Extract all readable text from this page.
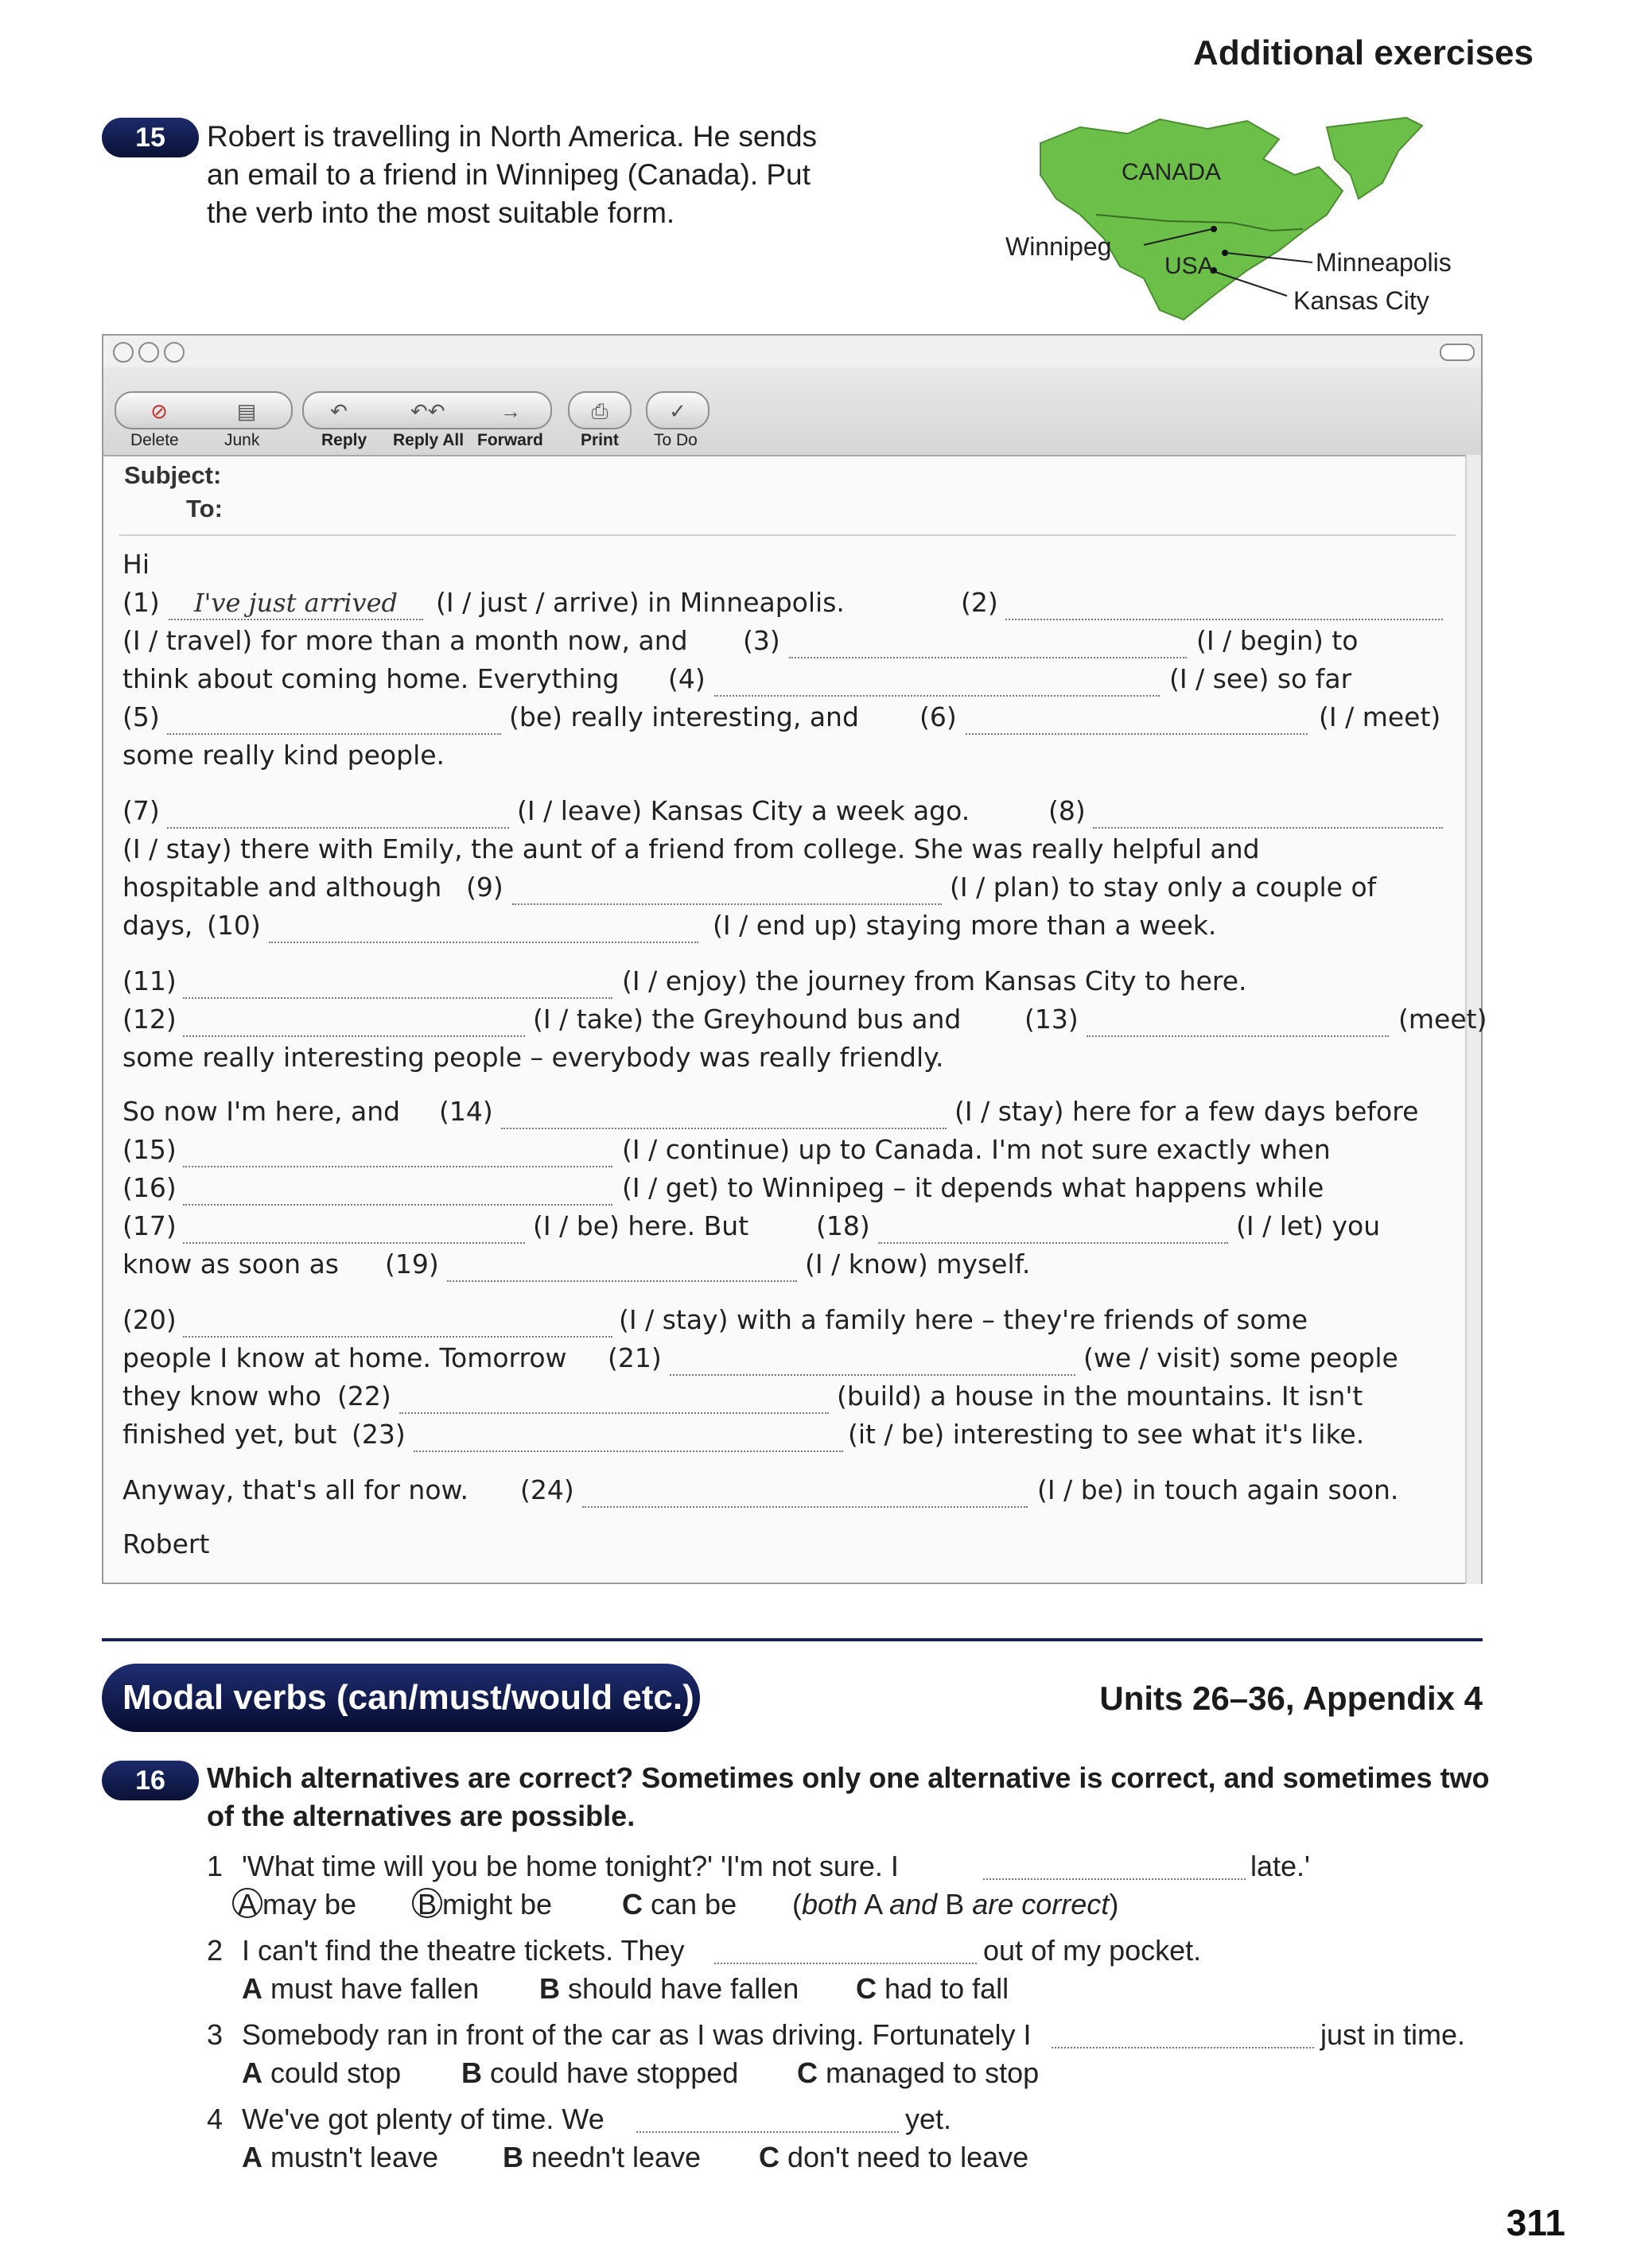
Additional exercises
15	Robert is travelling in North America. He sends
an email to a friend in Winnipeg (Canada). Put
the verb into the most suitable form.
CANADA
USA
Winnipeg
Minneapolis
Kansas City
⊘	▤	↶	↶↶	→	⎙	✓
Delete	Junk	Reply Reply All Forward Print To Do
Subject:
To:
Hi
(1)	I've just arrived	(I / just / arrive) in Minneapolis.	(2)
(I / travel) for more than a month now, and (3)	(I / begin) to
think about coming home. Everything (4)	(I / see) so far
(5)	(be) really interesting, and (6)	(I / meet)
some really kind people.
(7)	(I / leave) Kansas City a week ago.	(8)
(I / stay) there with Emily, the aunt of a friend from college. She was really helpful and
hospitable and although (9)	(I / plan) to stay only a couple of
days, (10)	(I / end up) staying more than a week.
(11)	(I / enjoy) the journey from Kansas City to here.
(12)	(I / take) the Greyhound bus and (13)	(meet)
some really interesting people – everybody was really friendly.
So now I'm here, and (14)	(I / stay) here for a few days before
(15)	(I / continue) up to Canada. I'm not sure exactly when
(16)	(I / get) to Winnipeg – it depends what happens while
(17)	(I / be) here. But	(18)	(I / let) you
know as soon as (19)	(I / know) myself.
(20)	(I / stay) with a family here – they're friends of some
people I know at home. Tomorrow (21)	(we / visit) some people
they know who (22)	(build) a house in the mountains. It isn't
finished yet, but (23)	(it / be) interesting to see what it's like.
Anyway, that's all for now. (24)	(I / be) in touch again soon.
Robert
Modal verbs (can/must/would etc.)	Units 26–36, Appendix 4
16	Which alternatives are correct? Sometimes only one alternative is correct, and sometimes two
of the alternatives are possible.
1 'What time will you be home tonight?' 'I'm not sure. I	late.'
A may be B might be C can be (both A and B are correct)
2 I can't find the theatre tickets. They	out of my pocket.
A must have fallen B should have fallen C had to fall
3 Somebody ran in front of the car as I was driving. Fortunately I	just in time.
A could stop B could have stopped C managed to stop
4 We've got plenty of time. We	yet.
A mustn't leave B needn't leave C don't need to leave
311
